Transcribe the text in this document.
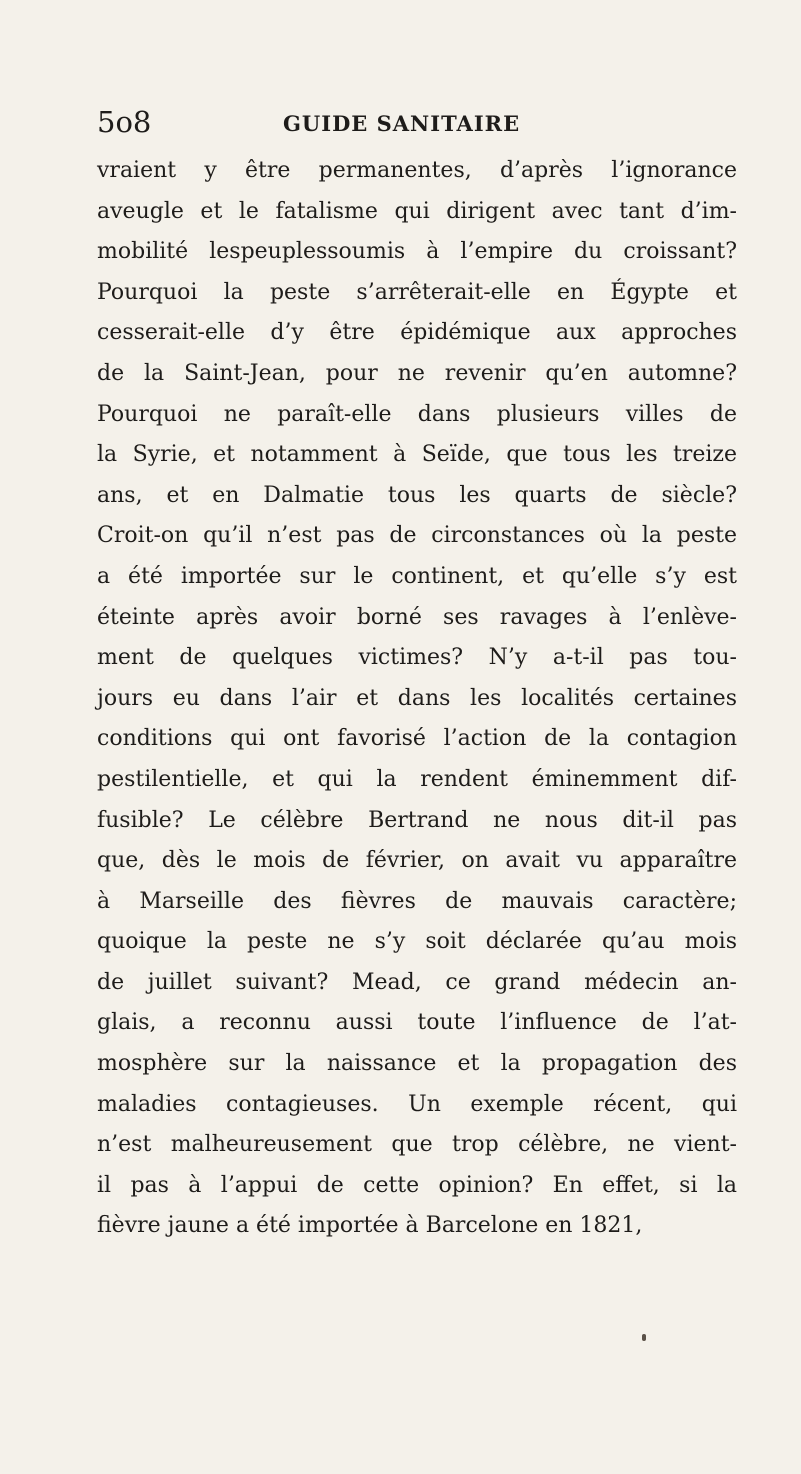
5o8	GUIDE SANITAIRE
vraient y être permanentes, d’après l’ignorance
aveugle et le fatalisme qui dirigent avec tant d’im-
mobilité lespeuplessoumis à l’empire du croissant?
Pourquoi la peste s’arrêterait-elle en Égypte et
cesserait-elle d’y être épidémique aux approches
de la Saint-Jean, pour ne revenir qu’en automne?
Pourquoi ne paraît-elle dans plusieurs villes de
la Syrie, et notamment à Seïde, que tous les treize
ans, et en Dalmatie tous les quarts de siècle?
Croit-on qu’il n’est pas de circonstances où la peste
a été importée sur le continent, et qu’elle s’y est
éteinte après avoir borné ses ravages à l’enlève-
ment de quelques victimes? N’y a-t-il pas tou-
jours eu dans l’air et dans les localités certaines
conditions qui ont favorisé l’action de la contagion
pestilentielle, et qui la rendent éminemment dif-
fusible? Le célèbre Bertrand ne nous dit-il pas
que, dès le mois de février, on avait vu apparaître
à Marseille des fièvres de mauvais caractère;
quoique la peste ne s’y soit déclarée qu’au mois
de juillet suivant? Mead, ce grand médecin an-
glais, a reconnu aussi toute l’influence de l’at-
mosphère sur la naissance et la propagation des
maladies contagieuses. Un exemple récent, qui
n’est malheureusement que trop célèbre, ne vient-
il pas à l’appui de cette opinion? En effet, si la
fièvre jaune a été importée à Barcelone en 1821,
